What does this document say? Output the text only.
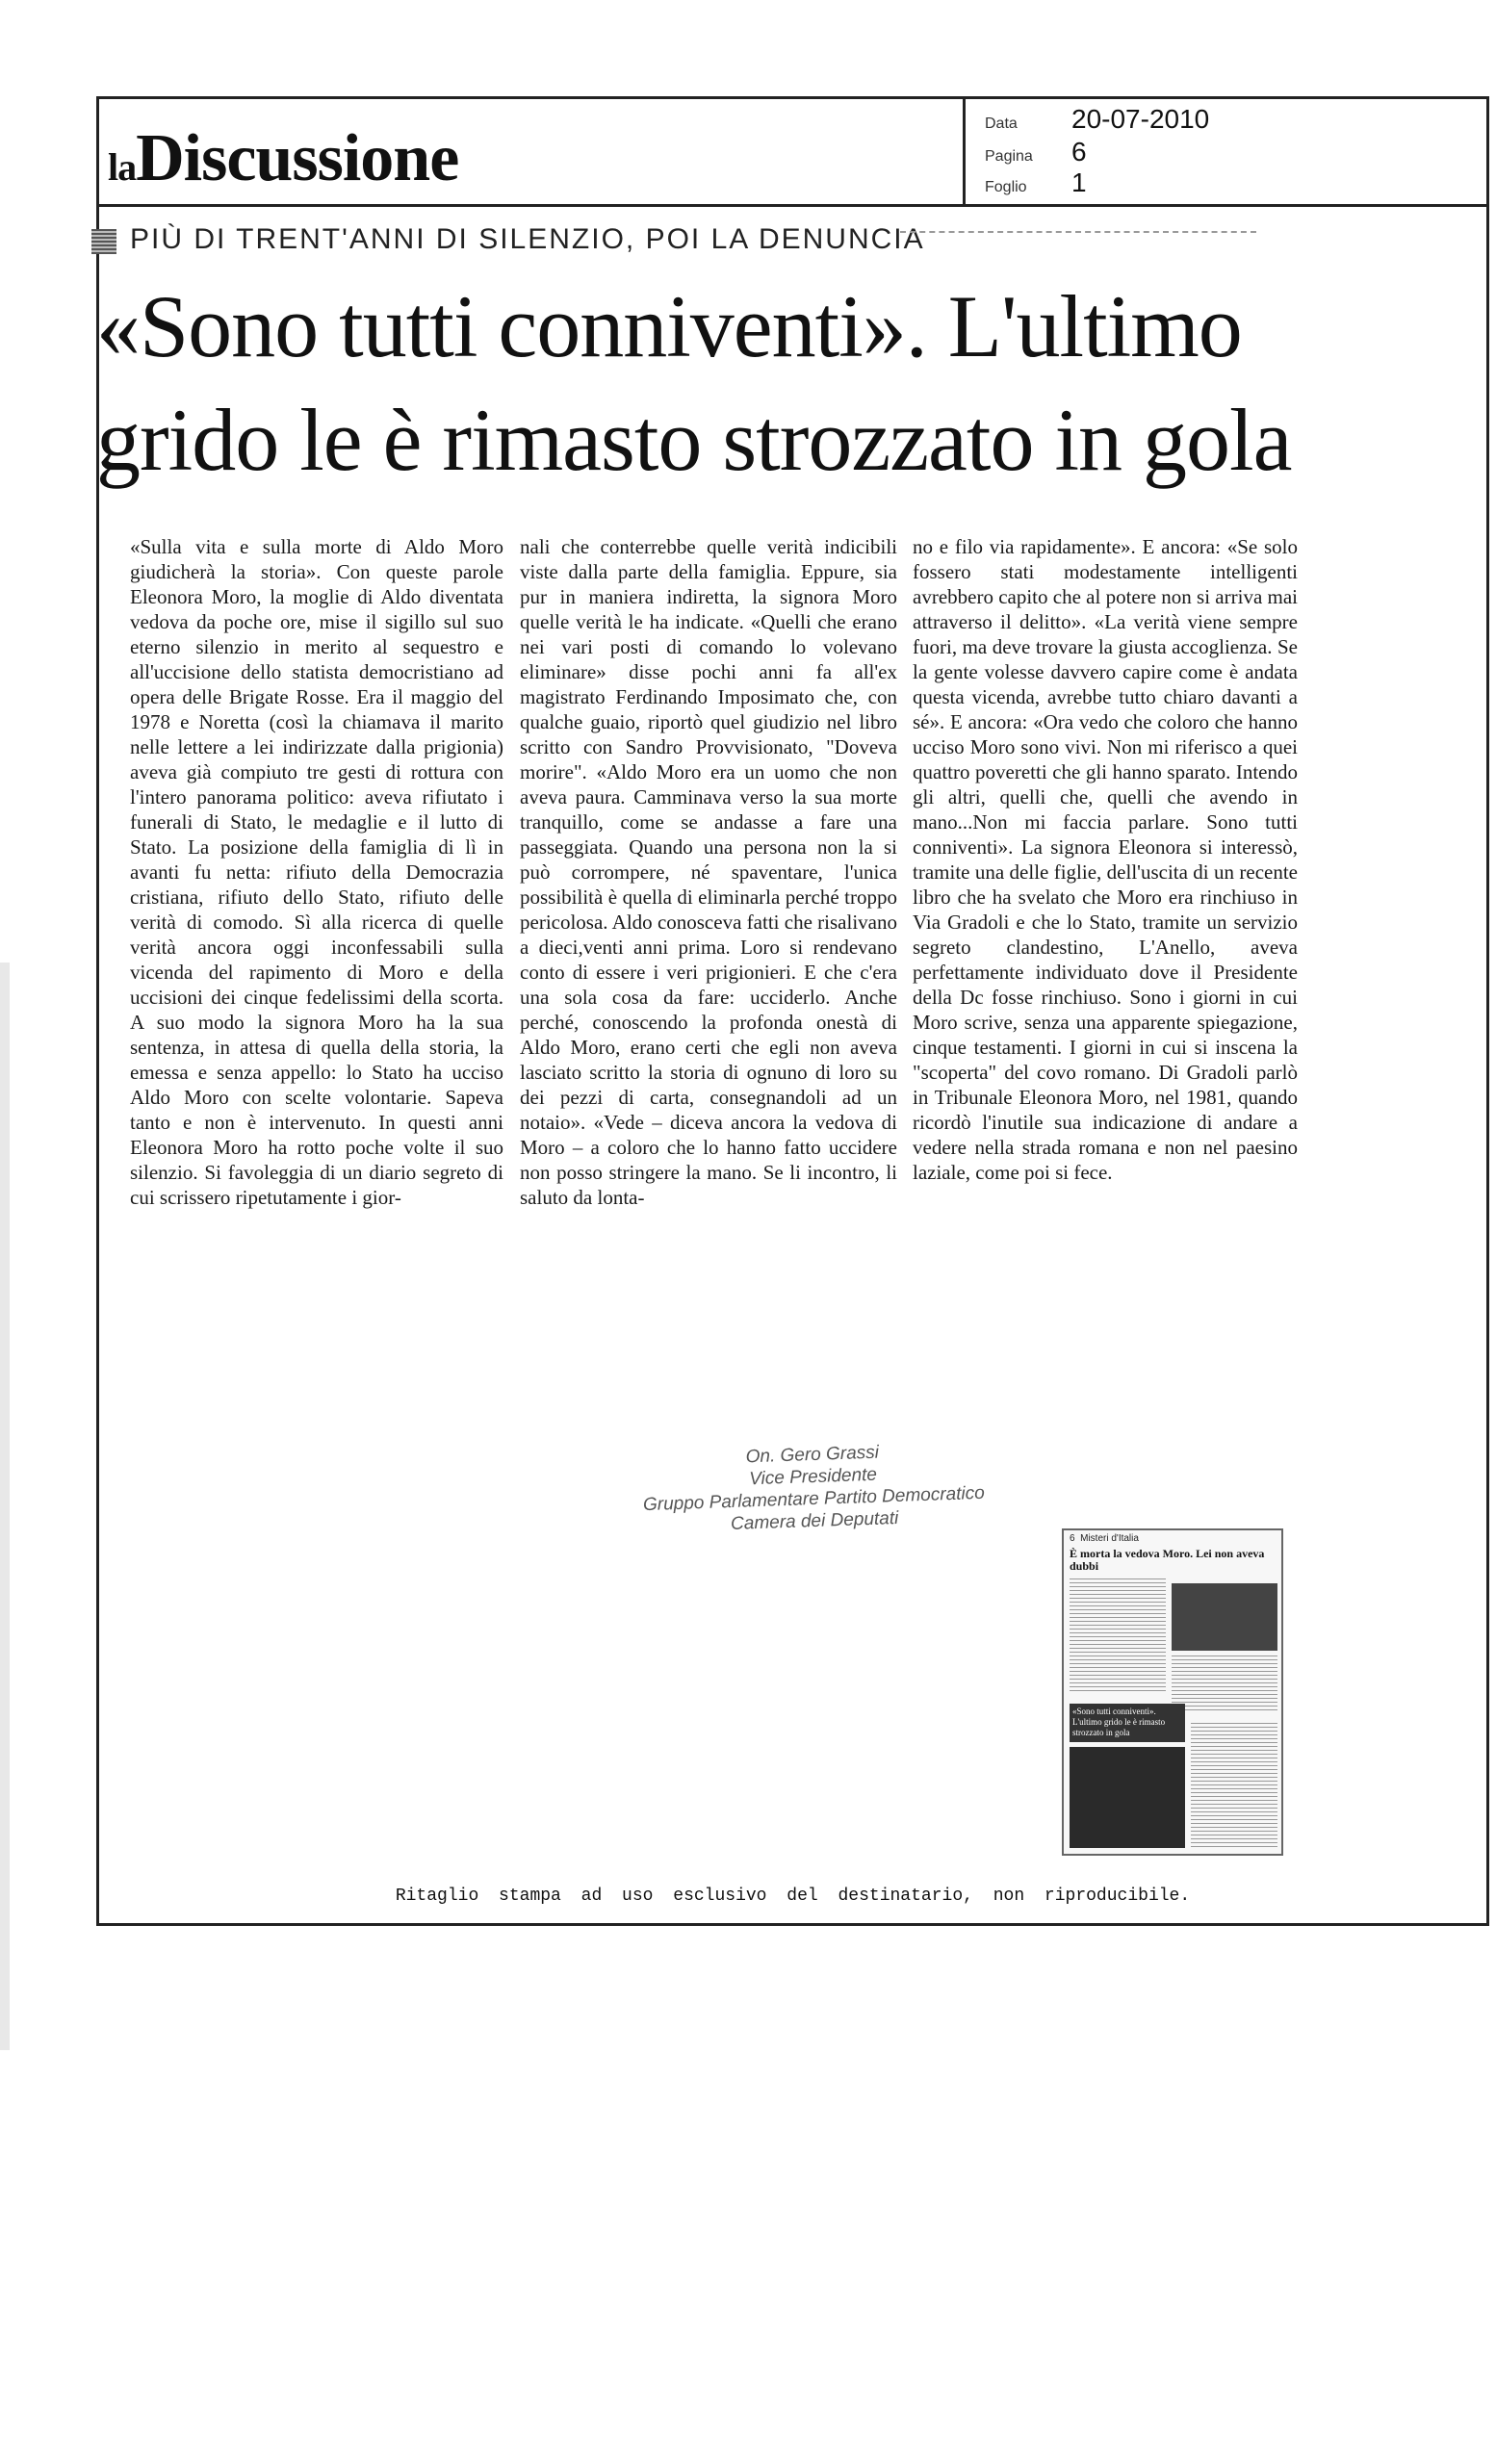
laDiscussione	Data	20-07-2010
Pagina	6
Foglio	1
PIÙ DI TRENT'ANNI DI SILENZIO, POI LA DENUNCIA
«Sono tutti conniventi». L'ultimo grido le è rimasto strozzato in gola
«Sulla vita e sulla morte di Aldo Moro giudicherà la storia». Con queste parole Eleonora Moro, la moglie di Aldo diventata vedova da poche ore, mise il sigillo sul suo eterno silenzio in merito al sequestro e all'uccisione dello statista democristiano ad opera delle Brigate Rosse. Era il maggio del 1978 e Noretta (così la chiamava il marito nelle lettere a lei indirizzate dalla prigionia) aveva già compiuto tre gesti di rottura con l'intero panorama politico: aveva rifiutato i funerali di Stato, le medaglie e il lutto di Stato. La posizione della famiglia di lì in avanti fu netta: rifiuto della Democrazia cristiana, rifiuto dello Stato, rifiuto delle verità di comodo. Sì alla ricerca di quelle verità ancora oggi inconfessabili sulla vicenda del rapimento di Moro e della uccisioni dei cinque fedelissimi della scorta. A suo modo la signora Moro ha la sua sentenza, in attesa di quella della storia, la emessa e senza appello: lo Stato ha ucciso Aldo Moro con scelte volontarie. Sapeva tanto e non è intervenuto. In questi anni Eleonora Moro ha rotto poche volte il suo silenzio. Si favoleggia di un diario segreto di cui scrissero ripetutamente i gior-
nali che conterrebbe quelle verità indicibili viste dalla parte della famiglia. Eppure, sia pur in maniera indiretta, la signora Moro quelle verità le ha indicate. «Quelli che erano nei vari posti di comando lo volevano eliminare» disse pochi anni fa all'ex magistrato Ferdinando Imposimato che, con qualche guaio, riportò quel giudizio nel libro scritto con Sandro Provvisionato, "Doveva morire". «Aldo Moro era un uomo che non aveva paura. Camminava verso la sua morte tranquillo, come se andasse a fare una passeggiata. Quando una persona non la si può corrompere, né spaventare, l'unica possibilità è quella di eliminarla perché troppo pericolosa. Aldo conosceva fatti che risalivano a dieci,venti anni prima. Loro si rendevano conto di essere i veri prigionieri. E che c'era una sola cosa da fare: ucciderlo. Anche perché, conoscendo la profonda onestà di Aldo Moro, erano certi che egli non aveva lasciato scritto la storia di ognuno di loro su dei pezzi di carta, consegnandoli ad un notaio». «Vede – diceva ancora la vedova di Moro – a coloro che lo hanno fatto uccidere non posso stringere la mano. Se li incontro, li saluto da lonta-
no e filo via rapidamente». E ancora: «Se solo fossero stati modestamente intelligenti avrebbero capito che al potere non si arriva mai attraverso il delitto». «La verità viene sempre fuori, ma deve trovare la giusta accoglienza. Se la gente volesse davvero capire come è andata questa vicenda, avrebbe tutto chiaro davanti a sé». E ancora: «Ora vedo che coloro che hanno ucciso Moro sono vivi. Non mi riferisco a quei quattro poveretti che gli hanno sparato. Intendo gli altri, quelli che, quelli che avendo in mano...Non mi faccia parlare. Sono tutti conniventi». La signora Eleonora si interessò, tramite una delle figlie, dell'uscita di un recente libro che ha svelato che Moro era rinchiuso in Via Gradoli e che lo Stato, tramite un servizio segreto clandestino, L'Anello, aveva perfettamente individuato dove il Presidente della Dc fosse rinchiuso. Sono i giorni in cui Moro scrive, senza una apparente spiegazione, cinque testamenti. I giorni in cui si inscena la "scoperta" del covo romano. Di Gradoli parlò in Tribunale Eleonora Moro, nel 1981, quando ricordò l'inutile sua indicazione di andare a vedere nella strada romana e non nel paesino laziale, come poi si fece.
On. Gero Grassi
Vice Presidente
Gruppo Parlamentare Partito Democratico
Camera dei Deputati
6 Misteri d'Italia
È morta la vedova Moro. Lei non aveva dubbi
«Sono tutti conniventi». L'ultimo grido le è rimasto strozzato in gola
Ritaglio stampa ad uso esclusivo del destinatario, non riproducibile.
